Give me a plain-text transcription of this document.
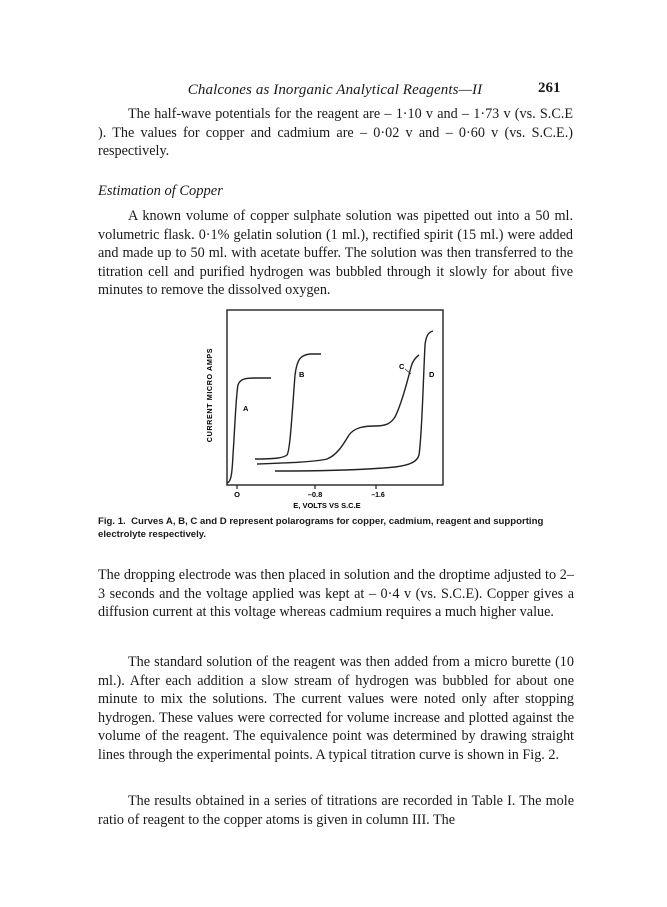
Chalcones as Inorganic Analytical Reagents—II	261
The half-wave potentials for the reagent are – 1·10 v and – 1·73 v (vs. S.C.E ). The values for copper and cadmium are – 0·02 v and – 0·60 v (vs. S.C.E.) respectively.
Estimation of Copper
A known volume of copper sulphate solution was pipetted out into a 50 ml. volumetric flask. 0·1% gelatin solution (1 ml.), rectified spirit (15 ml.) were added and made up to 50 ml. with acetate buffer. The solution was then transferred to the titration cell and purified hydrogen was bubbled through it slowly for about five minutes to remove the dissolved oxygen.
CURRENT MICRO AMPS
O	–0.8	–1.6
E, VOLTS VS S.C.E
A
B
C
D
Fig. 1. Curves A, B, C and D represent polarograms for copper, cadmium, reagent and supporting electrolyte respectively.
The dropping electrode was then placed in solution and the droptime adjusted to 2–3 seconds and the voltage applied was kept at – 0·4 v (vs. S.C.E). Copper gives a diffusion current at this voltage whereas cadmium requires a much higher value.
The standard solution of the reagent was then added from a micro burette (10 ml.). After each addition a slow stream of hydrogen was bubbled for about one minute to mix the solutions. The current values were noted only after stopping hydrogen. These values were corrected for volume increase and plotted against the volume of the reagent. The equivalence point was determined by drawing straight lines through the experimental points. A typical titration curve is shown in Fig. 2.
The results obtained in a series of titrations are recorded in Table I. The mole ratio of reagent to the copper atoms is given in column III. The
